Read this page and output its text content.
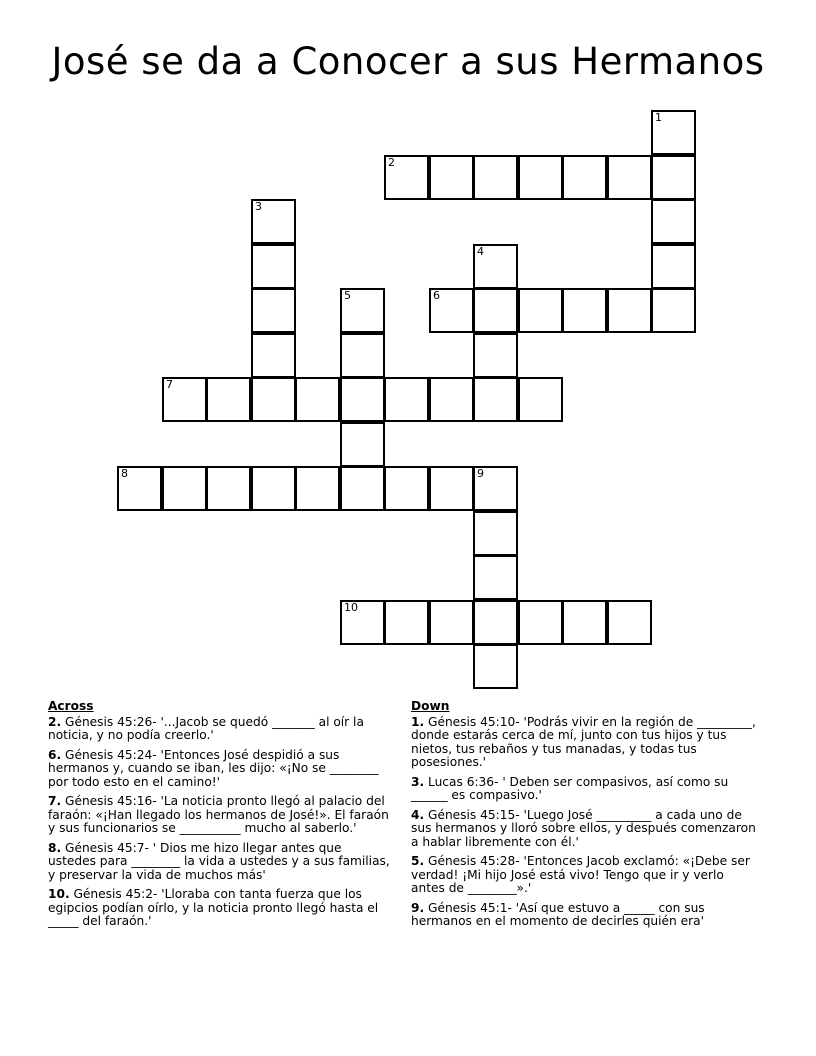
José se da a Conocer a sus Hermanos
1
2
3
4
5	6
7
8	9
10
Across
2. Génesis 45:26- '...Jacob se quedó _______ al oír la noticia, y no podía creerlo.'
6. Génesis 45:24- 'Entonces José despidió a sus hermanos y, cuando se iban, les dijo: «¡No se ________ por todo esto en el camino!'
7. Génesis 45:16- 'La noticia pronto llegó al palacio del faraón: «¡Han llegado los hermanos de José!». El faraón y sus funcionarios se __________ mucho al saberlo.'
8. Génesis 45:7- ' Dios me hizo llegar antes que ustedes para ________ la vida a ustedes y a sus familias, y preservar la vida de muchos más'
10. Génesis 45:2- 'Lloraba con tanta fuerza que los egipcios podían oírlo, y la noticia pronto llegó hasta el _____ del faraón.'
Down
1. Génesis 45:10- 'Podrás vivir en la región de _________, donde estarás cerca de mí, junto con tus hijos y tus nietos, tus rebaños y tus manadas, y todas tus posesiones.'
3. Lucas 6:36- ' Deben ser compasivos, así como su ______ es compasivo.'
4. Génesis 45:15- 'Luego José _________ a cada uno de sus hermanos y lloró sobre ellos, y después comenzaron a hablar libremente con él.'
5. Génesis 45:28- 'Entonces Jacob exclamó: «¡Debe ser verdad! ¡Mi hijo José está vivo! Tengo que ir y verlo antes de ________».'
9. Génesis 45:1- 'Así que estuvo a _____ con sus hermanos en el momento de decirles quién era'
